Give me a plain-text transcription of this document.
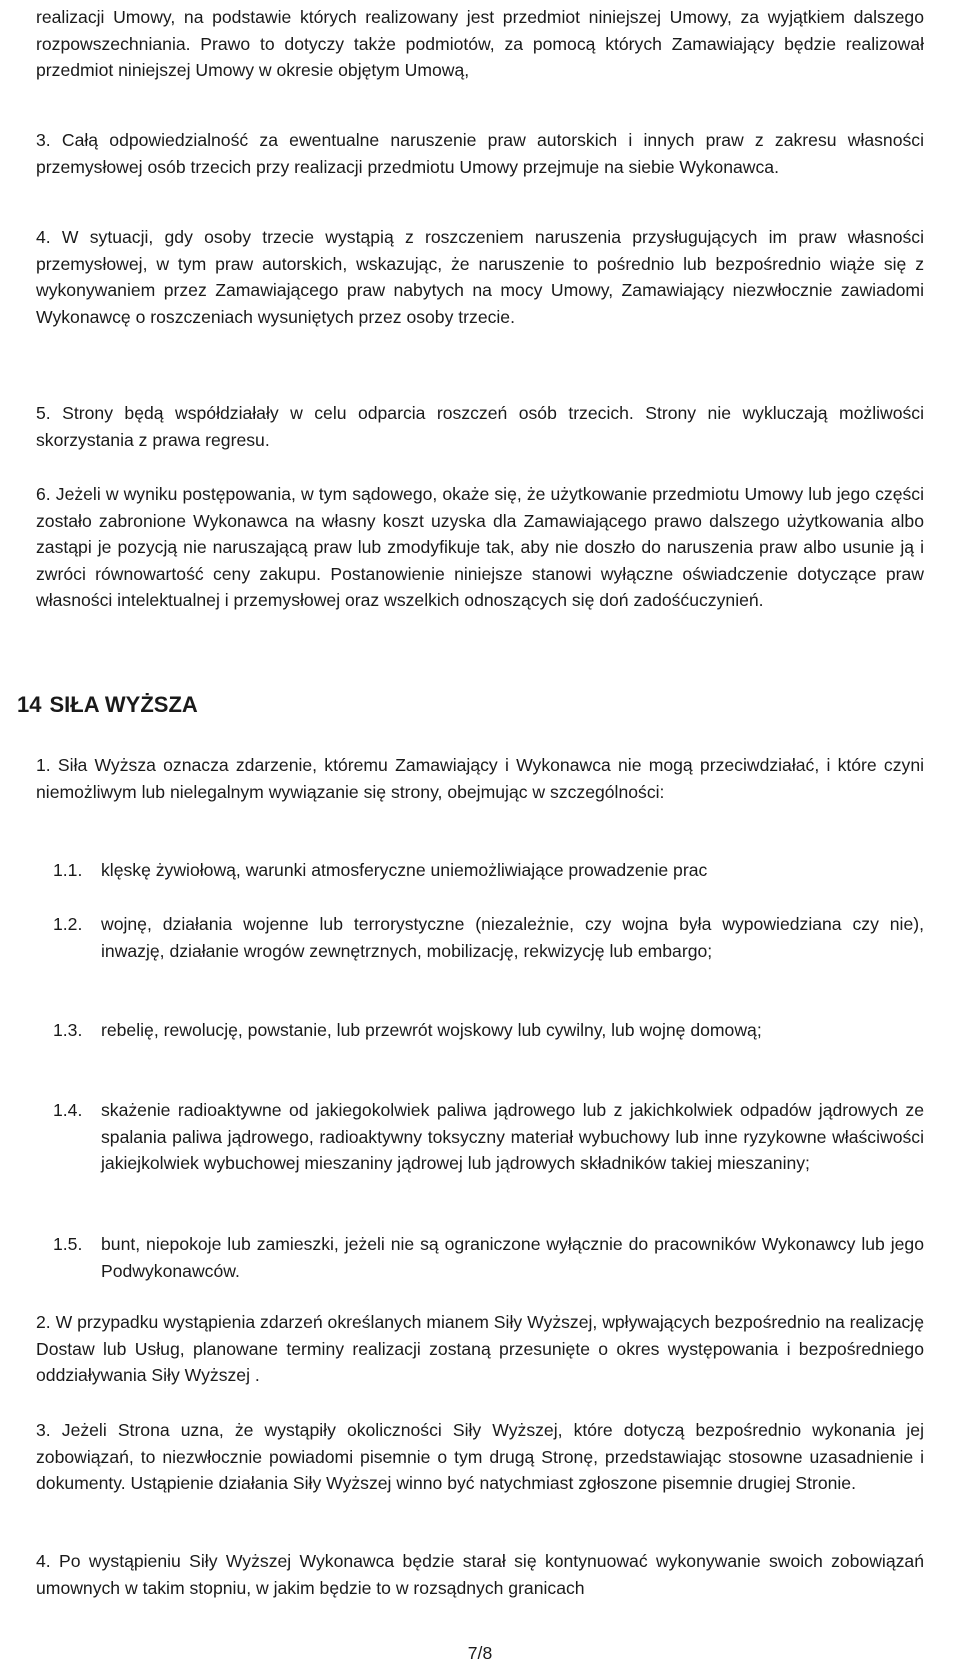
realizacji Umowy, na podstawie których realizowany jest przedmiot niniejszej Umowy, za wyjątkiem dalszego rozpowszechniania. Prawo to dotyczy także podmiotów, za pomocą których Zamawiający będzie realizował przedmiot niniejszej Umowy w okresie objętym Umową,

3. Całą odpowiedzialność za ewentualne naruszenie praw autorskich i innych praw z zakresu własności przemysłowej osób trzecich przy realizacji przedmiotu Umowy przejmuje na siebie Wykonawca.

4. W sytuacji, gdy osoby trzecie wystąpią z roszczeniem naruszenia przysługujących im praw własności przemysłowej, w tym praw autorskich, wskazując, że naruszenie to pośrednio lub bezpośrednio wiąże się z wykonywaniem przez Zamawiającego praw nabytych na mocy Umowy, Zamawiający niezwłocznie zawiadomi Wykonawcę o roszczeniach wysuniętych przez osoby trzecie.

5. Strony będą współdziałały w celu odparcia roszczeń osób trzecich. Strony nie wykluczają możliwości skorzystania z prawa regresu.

6. Jeżeli w wyniku postępowania, w tym sądowego, okaże się, że użytkowanie przedmiotu Umowy lub jego części zostało zabronione Wykonawca na własny koszt uzyska dla Zamawiającego prawo dalszego użytkowania albo zastąpi je pozycją nie naruszającą praw lub zmodyfikuje tak, aby nie doszło do naruszenia praw albo usunie ją i zwróci równowartość ceny zakupu. Postanowienie niniejsze stanowi wyłączne oświadczenie dotyczące praw własności intelektualnej i przemysłowej oraz wszelkich odnoszących się doń zadośćuczynień.

14 SIŁA WYŻSZA

1. Siła Wyższa oznacza zdarzenie, któremu Zamawiający i Wykonawca nie mogą przeciwdziałać, i które czyni niemożliwym lub nielegalnym wywiązanie się strony, obejmując w szczególności:

1.1. klęskę żywiołową, warunki atmosferyczne uniemożliwiające prowadzenie prac
1.2. wojnę, działania wojenne lub terrorystyczne (niezależnie, czy wojna była wypowiedziana czy nie), inwazję, działanie wrogów zewnętrznych, mobilizację, rekwizycję lub embargo;
1.3. rebelię, rewolucję, powstanie, lub przewrót wojskowy lub cywilny, lub wojnę domową;
1.4. skażenie radioaktywne od jakiegokolwiek paliwa jądrowego lub z jakichkolwiek odpadów jądrowych ze spalania paliwa jądrowego, radioaktywny toksyczny materiał wybuchowy lub inne ryzykowne właściwości jakiejkolwiek wybuchowej mieszaniny jądrowej lub jądrowych składników takiej mieszaniny;
1.5. bunt, niepokoje lub zamieszki, jeżeli nie są ograniczone wyłącznie do pracowników Wykonawcy lub jego Podwykonawców.

2. W przypadku wystąpienia zdarzeń określanych mianem Siły Wyższej, wpływających bezpośrednio na realizację Dostaw lub Usług, planowane terminy realizacji zostaną przesunięte o okres występowania i bezpośredniego oddziaływania Siły Wyższej .

3. Jeżeli Strona uzna, że wystąpiły okoliczności Siły Wyższej, które dotyczą bezpośrednio wykonania jej zobowiązań, to niezwłocznie powiadomi pisemnie o tym drugą Stronę, przedstawiając stosowne uzasadnienie i dokumenty. Ustąpienie działania Siły Wyższej winno być natychmiast zgłoszone pisemnie drugiej Stronie.

4. Po wystąpieniu Siły Wyższej Wykonawca będzie starał się kontynuować wykonywanie swoich zobowiązań umownych w takim stopniu, w jakim będzie to w rozsądnych granicach

7/8
